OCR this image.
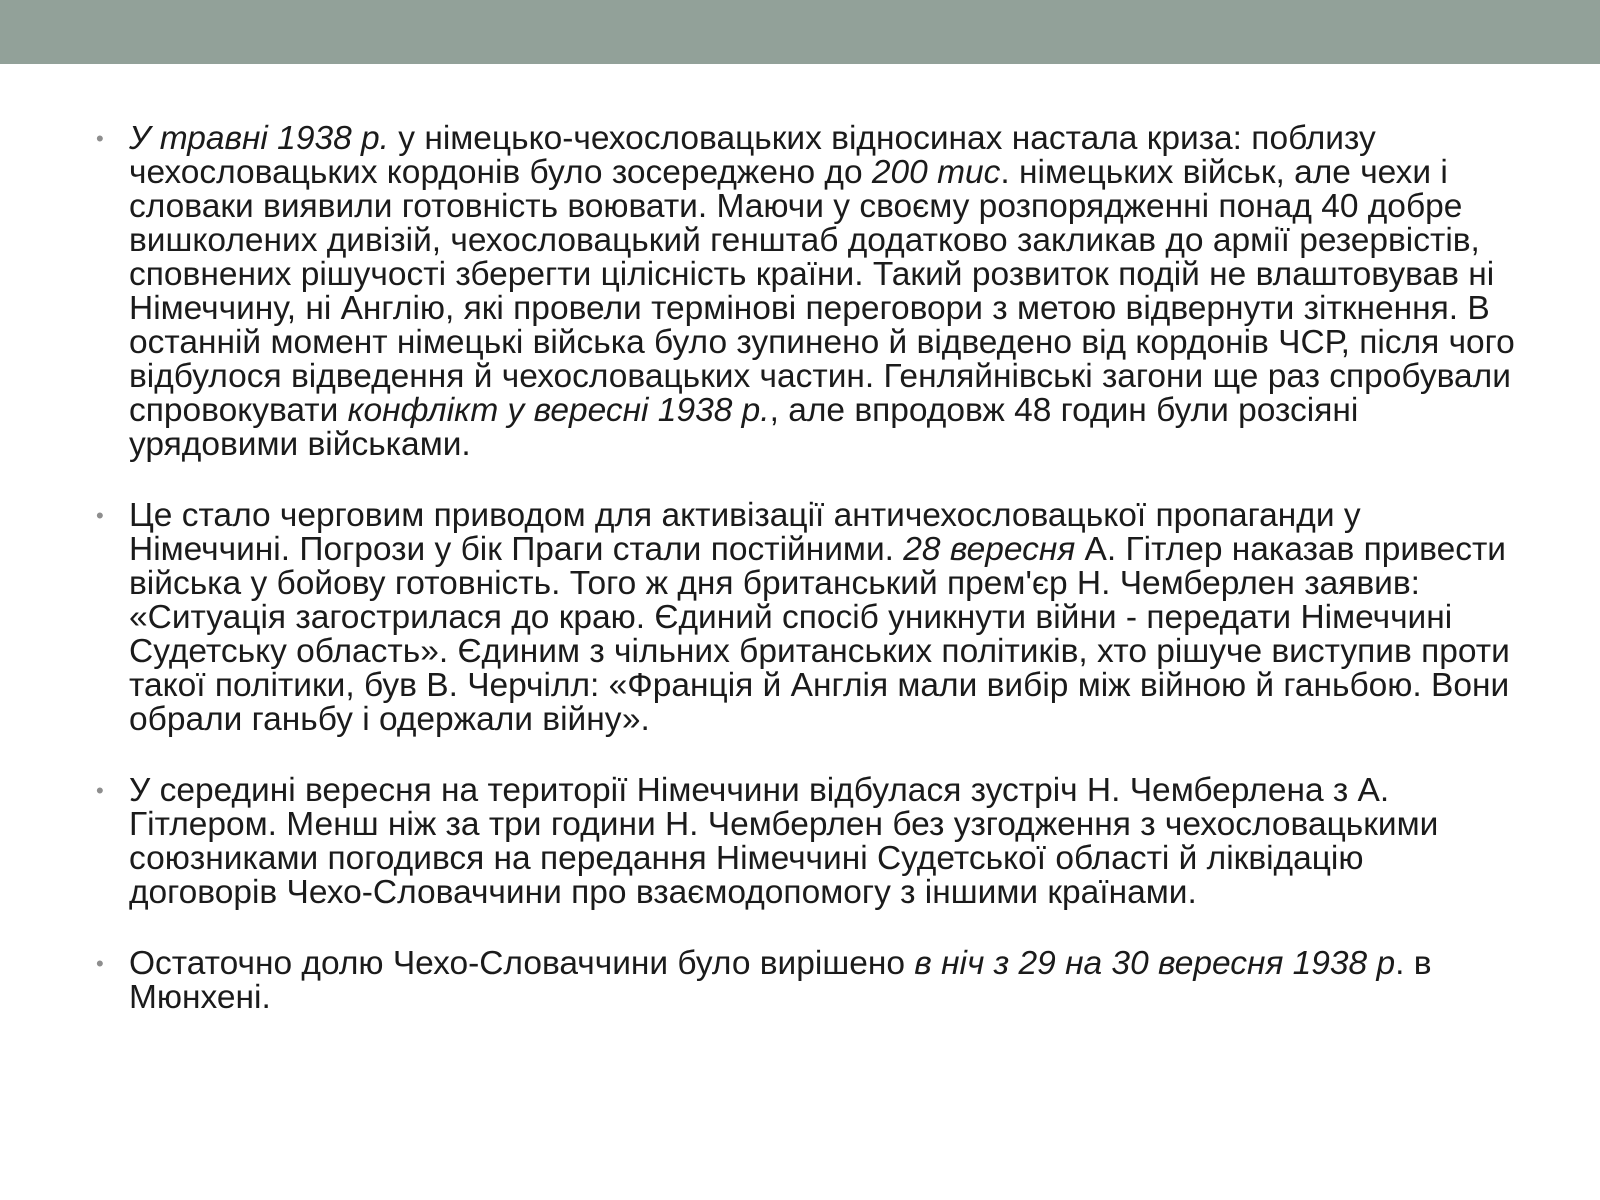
• У травні 1938 р. у німецько-чехословацьких відносинах настала криза: поблизу чехословацьких кордонів було зосереджено до 200 тис. німецьких військ, але чехи і словаки виявили готовність воювати. Маючи у своєму розпорядженні понад 40 добре вишколених дивізій, чехословацький генштаб додатково закликав до армії резервістів, сповнених рішучості зберегти цілісність країни. Такий розвиток подій не влаштовував ні Німеччину, ні Англію, які провели термінові переговори з метою відвернути зіткнення. В останній момент німецькі війська було зупинено й відведено від кордонів ЧСР, після чого відбулося відведення й чехословацьких частин. Генляйнівські загони ще раз спробували спровокувати конфлікт у вересні 1938 р., але впродовж 48 годин були розсіяні урядовими військами.
• Це стало черговим приводом для активізації античехословацької пропаганди у Німеччині. Погрози у бік Праги стали постійними. 28 вересня А. Гітлер наказав привести війська у бойову готовність. Того ж дня британський прем'єр Н. Чемберлен заявив: «Ситуація загострилася до краю. Єдиний спосіб уникнути війни - передати Німеччині Судетську область». Єдиним з чільних британських політиків, хто рішуче виступив проти такої політики, був В. Черчілл: «Франція й Англія мали вибір між війною й ганьбою. Вони обрали ганьбу і одержали війну».
• У середині вересня на території Німеччини відбулася зустріч Н. Чемберлена з А. Гітлером. Менш ніж за три години Н. Чемберлен без узгодження з чехословацькими союзниками погодився на передання Німеччині Судетської області й ліквідацію договорів Чехо-Словаччини про взаємодопомогу з іншими країнами.
• Остаточно долю Чехо-Словаччини було вирішено в ніч з 29 на 30 вересня 1938 р. в Мюнхені.
